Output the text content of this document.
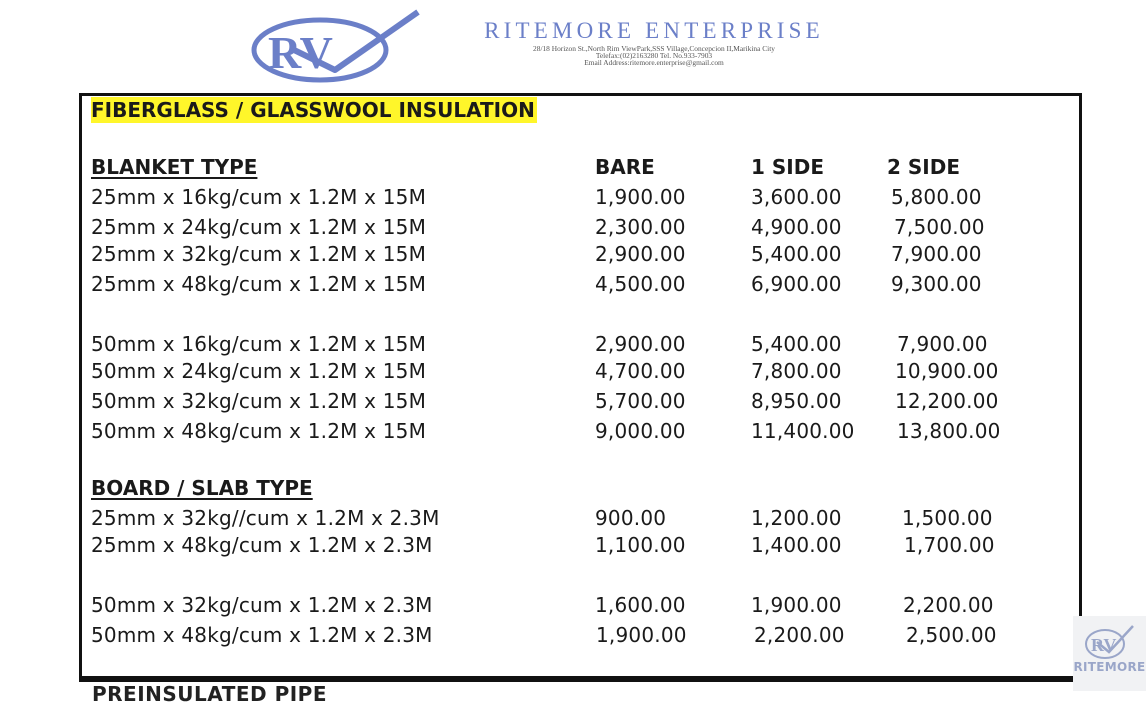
RV	RITEMORE ENTERPRISE
28/18 Horizon St.,North Rim ViewPark,SSS Village,Concepcion II,Marikina City
Telefax:(02)2163280 Tel. No.933-7903
Email Address:ritemore.enterprise@gmail.com
PREINSULATED PIPE
FIBERGLASS / GLASSWOOL INSULATION
BLANKET TYPE	BARE	1 SIDE	2 SIDE
25mm x 16kg/cum x 1.2M x 15M	1,900.00	3,600.00 5,800.00
25mm x 24kg/cum x 1.2M x 15M	2,300.00	4,900.00	7,500.00
25mm x 32kg/cum x 1.2M x 15M	2,900.00	5,400.00 7,900.00
25mm x 48kg/cum x 1.2M x 15M	4,500.00	6,900.00 9,300.00
50mm x 16kg/cum x 1.2M x 15M	2,900.00	5,400.00	7,900.00
50mm x 24kg/cum x 1.2M x 15M	4,700.00	7,800.00	10,900.00
50mm x 32kg/cum x 1.2M x 15M	5,700.00	8,950.00	12,200.00
50mm x 48kg/cum x 1.2M x 15M	9,000.00	11,400.00 13,800.00
BOARD / SLAB TYPE
25mm x 32kg//cum x 1.2M x 2.3M	900.00	1,200.00	1,500.00
25mm x 48kg/cum x 1.2M x 2.3M	1,100.00	1,400.00	1,700.00
50mm x 32kg/cum x 1.2M x 2.3M	1,600.00	1,900.00	2,200.00
50mm x 48kg/cum x 1.2M x 2.3M	1,900.00	2,200.00	2,500.00	RV
RITEMORE
